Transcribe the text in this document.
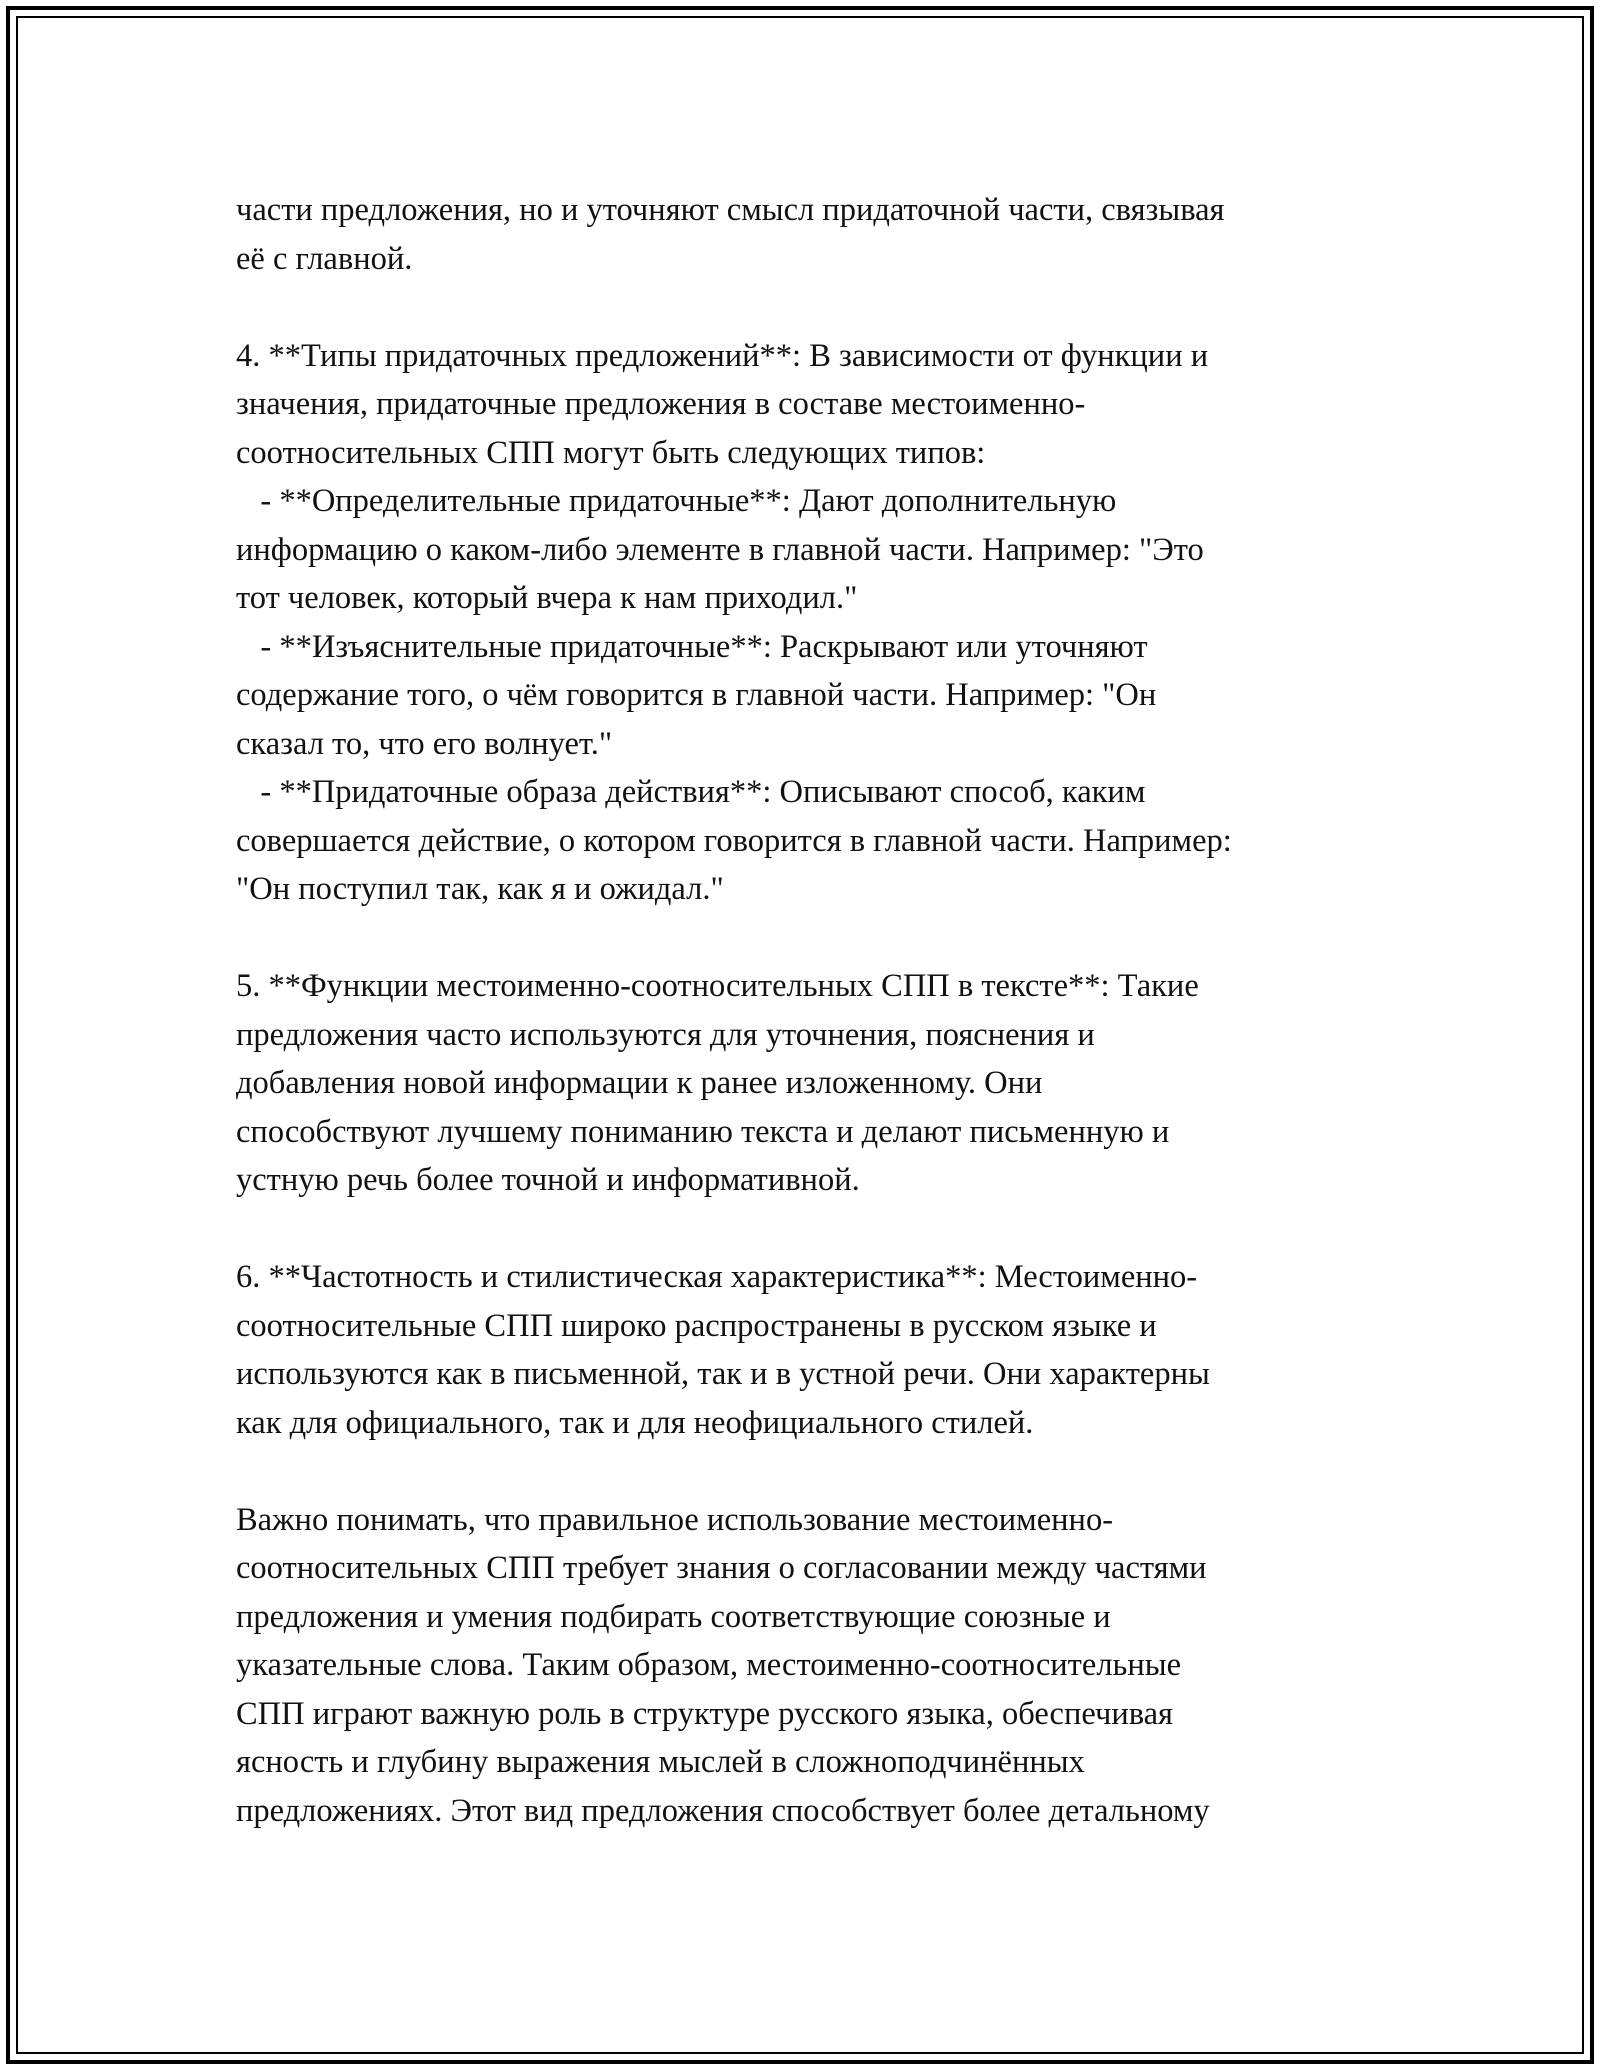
части предложения, но и уточняют смысл придаточной части, связывая
её с главной.

4. **Типы придаточных предложений**: В зависимости от функции и
значения, придаточные предложения в составе местоименно-
соотносительных СПП могут быть следующих типов:
- **Определительные придаточные**: Дают дополнительную
информацию о каком-либо элементе в главной части. Например: "Это
тот человек, который вчера к нам приходил."
- **Изъяснительные придаточные**: Раскрывают или уточняют
содержание того, о чём говорится в главной части. Например: "Он
сказал то, что его волнует."
- **Придаточные образа действия**: Описывают способ, каким
совершается действие, о котором говорится в главной части. Например:
"Он поступил так, как я и ожидал."

5. **Функции местоименно-соотносительных СПП в тексте**: Такие
предложения часто используются для уточнения, пояснения и
добавления новой информации к ранее изложенному. Они
способствуют лучшему пониманию текста и делают письменную и
устную речь более точной и информативной.

6. **Частотность и стилистическая характеристика**: Местоименно-
соотносительные СПП широко распространены в русском языке и
используются как в письменной, так и в устной речи. Они характерны
как для официального, так и для неофициального стилей.

Важно понимать, что правильное использование местоименно-
соотносительных СПП требует знания о согласовании между частями
предложения и умения подбирать соответствующие союзные и
указательные слова. Таким образом, местоименно-соотносительные
СПП играют важную роль в структуре русского языка, обеспечивая
ясность и глубину выражения мыслей в сложноподчинённых
предложениях. Этот вид предложения способствует более детальному
